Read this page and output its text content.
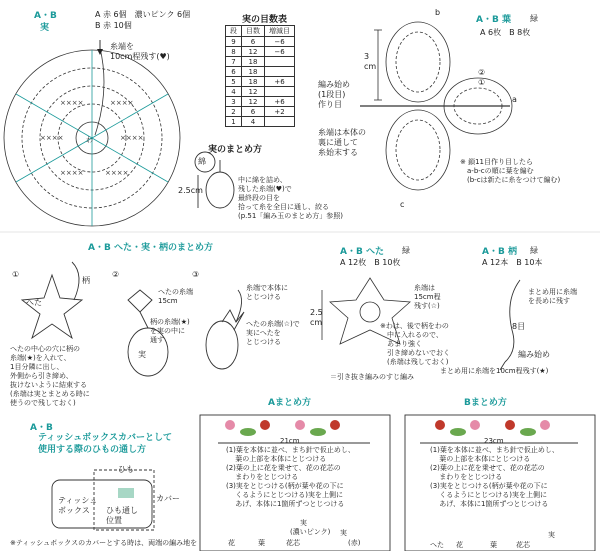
A・B
実
A 赤 6個　濃いピンク 6個
B 赤 10個
糸端を
10cm程残す(♥)
××××	××××
××××	××××
××××	××××
わ
実の目数表
段	目数	増減目
9	6	−6
8	12	−6
7	18	
6	18	
5	18	+6
4	12	
3	12	+6
2	6	+2
1	4	
実のまとめ方
綿
2.5cm
中に綿を詰め、
残した糸端(♥)で
最終段の目を
拾って糸を全目に通し、絞る
(p.51「編み玉のまとめ方」参照)
A・B 葉 緑
A 6枚　B 8枚
3
cm
編み始め
(1段目)
作り目
糸端は本体の
裏に通して
糸始末する
※ 鎖11目作り目したら
　a-b-cの順に葉を編む
　(b-cは新たに糸をつけて編む)
b
a
c
②
①
A・B へた・実・柄のまとめ方
①	②	③
柄
へた
実
へたの中心の穴に柄の
糸端(★)を入れて、
1目分隣に出し、
外側から引き締め、
抜けないように結束する
(糸端は実とまとめる時に
使うので残しておく)
へたの糸端
15cm
柄の糸端(★)
を実の中に
通す
糸端で本体に
とじつける
へたの糸端(☆)で
実にへたを
とじつける
A・B へた 緑
A 12枚　B 10枚
2.5
cm
糸端は
15cm程
残す(☆)
※わは、後で柄をわの
　中に入れるので、
　あまり強く
　引き締めないでおく
　(糸端は残しておく)
＝引き抜き編みのすじ編み
A・B 柄 緑
A 12本　B 10本
まとめ用に糸端
を長めに残す
8目
編み始め
まとめ用に糸端を10cm程残す(★)
A・B
ティッシュボックスカバーとして
使用する際のひもの通し方
ひも
カバー
ティッシュ
ボックス	ひも通し
位置
※ティッシュボックスのカバーとする時は、両端の編み地を
Aまとめ方
21cm
(1)葉を本体に並べ、まち針で仮止めし、
　 葉の上部を本体にとじつける
(2)葉の上に花を乗せて、花の花芯の
　 まわりをとじつける
(3)実をとじつける(柄が葉や花の下に
　 くるようにとじつける)実を上側に
　 あげ、本体に1箇所ずつとじつける
花
実
葉	花芯
実
(濃いピンク)
(赤)
Bまとめ方
23cm
(1)葉を本体に並べ、まち針で仮止めし、
　 葉の上部を本体にとじつける
(2)葉の上に花を乗せて、花の花芯の
　 まわりをとじつける
(3)実をとじつける(柄が葉や花の下に
　 くるようにとじつける)実を上側に
　 あげ、本体に1箇所ずつとじつける
へた 花	葉	花芯
実
